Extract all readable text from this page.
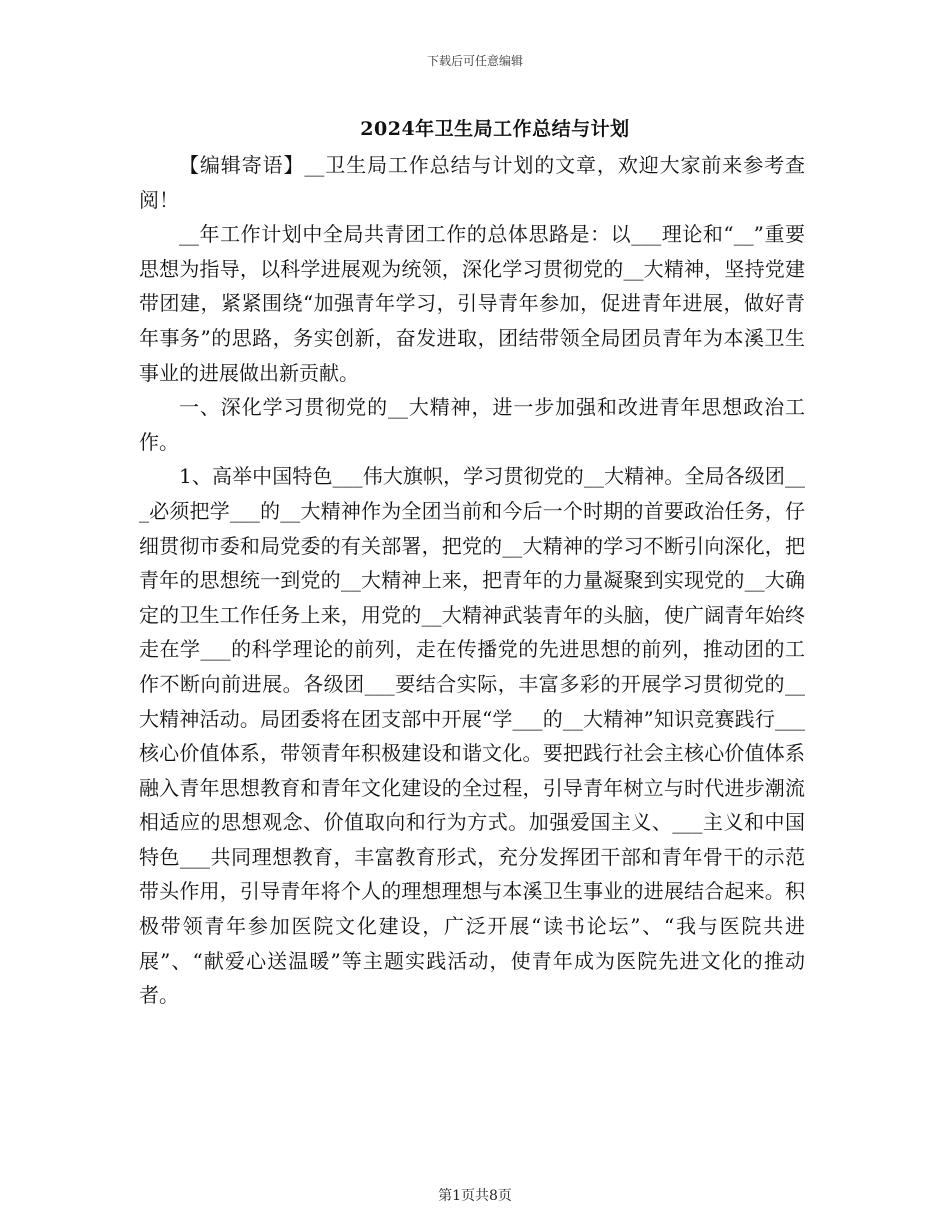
下载后可任意编辑
2024年卫生局工作总结与计划

【编辑寄语】__卫生局工作总结与计划的文章，欢迎大家前来参考查阅！

__年工作计划中全局共青团工作的总体思路是：以___理论和“__”重要思想为指导，以科学进展观为统领，深化学习贯彻党的__大精神，坚持党建带团建，紧紧围绕“加强青年学习，引导青年参加，促进青年进展，做好青年事务”的思路，务实创新，奋发进取，团结带领全局团员青年为本溪卫生事业的进展做出新贡献。

一、深化学习贯彻党的__大精神，进一步加强和改进青年思想政治工作。

1、高举中国特色___伟大旗帜，学习贯彻党的__大精神。全局各级团___必须把学___的__大精神作为全团当前和今后一个时期的首要政治任务，仔细贯彻市委和局党委的有关部署，把党的__大精神的学习不断引向深化，把青年的思想统一到党的__大精神上来，把青年的力量凝聚到实现党的__大确定的卫生工作任务上来，用党的__大精神武装青年的头脑，使广阔青年始终走在学___的科学理论的前列，走在传播党的先进思想的前列，推动团的工作不断向前进展。各级团___要结合实际，丰富多彩的开展学习贯彻党的__大精神活动。局团委将在团支部中开展“学___的__大精神”知识竞赛践行___核心价值体系，带领青年积极建设和谐文化。要把践行社会主核心价值体系融入青年思想教育和青年文化建设的全过程，引导青年树立与时代进步潮流相适应的思想观念、价值取向和行为方式。加强爱国主义、___主义和中国特色___共同理想教育，丰富教育形式，充分发挥团干部和青年骨干的示范带头作用，引导青年将个人的理想理想与本溪卫生事业的进展结合起来。积极带领青年参加医院文化建设，广泛开展“读书论坛”、“我与医院共进展”、“献爱心送温暖”等主题实践活动，使青年成为医院先进文化的推动者。

第1页共8页
